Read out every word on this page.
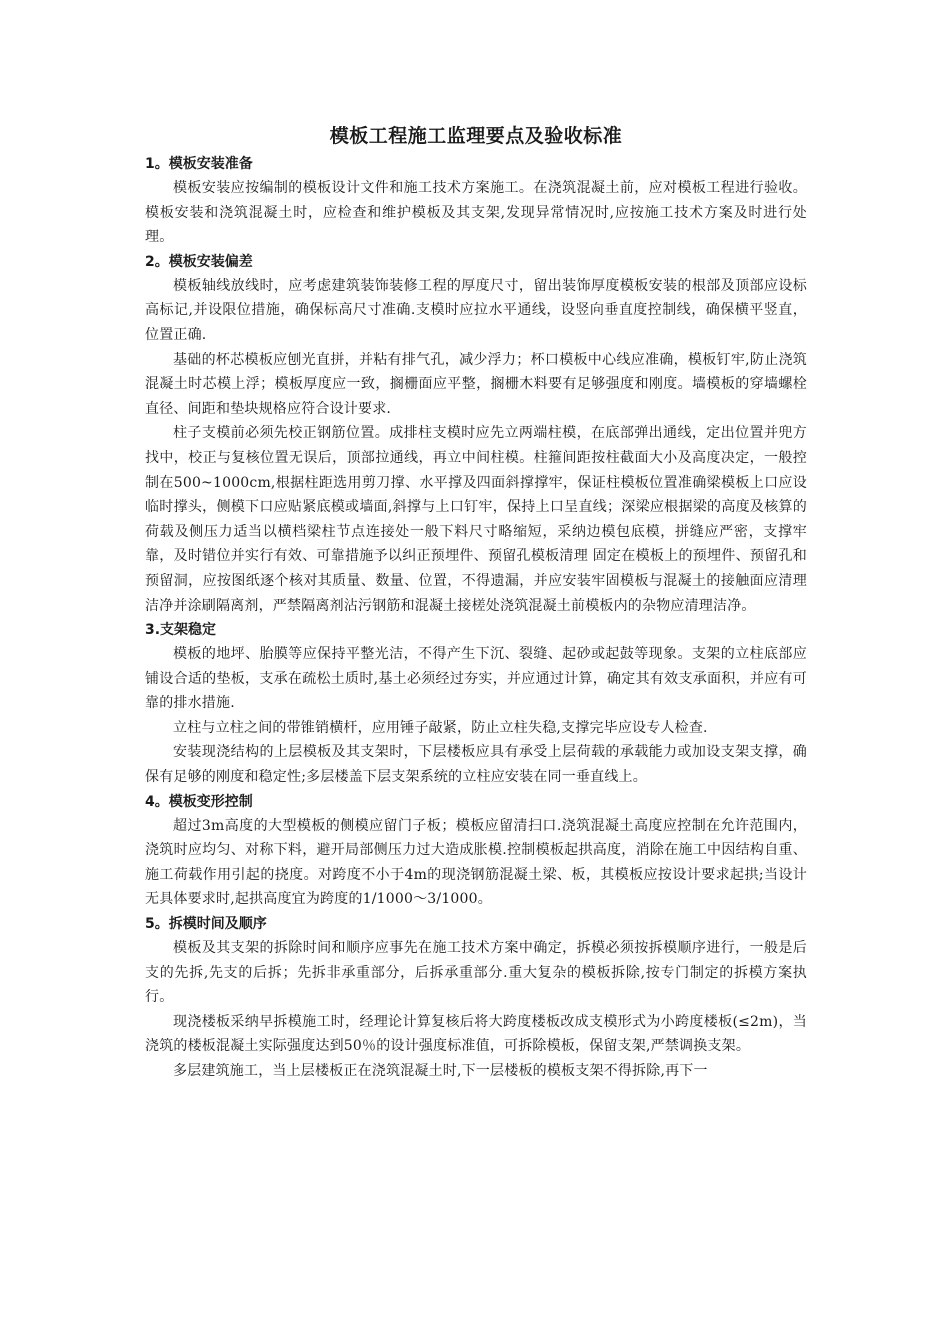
模板工程施工监理要点及验收标准

1。模板安装准备

模板安装应按编制的模板设计文件和施工技术方案施工。在浇筑混凝土前，应对模板工程进行验收。模板安装和浇筑混凝土时，应检查和维护模板及其支架,发现异常情况时,应按施工技术方案及时进行处理。

2。模板安装偏差

模板轴线放线时，应考虑建筑装饰装修工程的厚度尺寸，留出装饰厚度模板安装的根部及顶部应设标高标记,并设限位措施，确保标高尺寸准确.支模时应拉水平通线，设竖向垂直度控制线，确保横平竖直，位置正确.

基础的杯芯模板应刨光直拼，并粘有排气孔，减少浮力；杯口模板中心线应准确，模板钉牢,防止浇筑混凝土时芯模上浮；模板厚度应一致，搁栅面应平整，搁栅木料要有足够强度和刚度。墙模板的穿墙螺栓直径、间距和垫块规格应符合设计要求.

柱子支模前必须先校正钢筋位置。成排柱支模时应先立两端柱模，在底部弹出通线，定出位置并兜方找中，校正与复核位置无误后，顶部拉通线，再立中间柱模。柱箍间距按柱截面大小及高度决定，一般控制在500~1000cm,根据柱距选用剪刀撑、水平撑及四面斜撑撑牢，保证柱模板位置准确梁模板上口应设临时撑头，侧模下口应贴紧底模或墙面,斜撑与上口钉牢，保持上口呈直线；深梁应根据梁的高度及核算的荷载及侧压力适当以横档梁柱节点连接处一般下料尺寸略缩短，采纳边模包底模，拼缝应严密，支撑牢靠，及时错位并实行有效、可靠措施予以纠正预埋件、预留孔模板清理 固定在模板上的预埋件、预留孔和预留洞，应按图纸逐个核对其质量、数量、位置，不得遗漏，并应安装牢固模板与混凝土的接触面应清理洁净并涂刷隔离剂，严禁隔离剂沾污钢筋和混凝土接槎处浇筑混凝土前模板内的杂物应清理洁净。

3.支架稳定

模板的地坪、胎膜等应保持平整光洁，不得产生下沉、裂缝、起砂或起鼓等现象。支架的立柱底部应铺设合适的垫板，支承在疏松土质时,基土必须经过夯实，并应通过计算，确定其有效支承面积，并应有可靠的排水措施.

立柱与立柱之间的带锥销横杆，应用锤子敲紧，防止立柱失稳,支撑完毕应设专人检查.

安装现浇结构的上层模板及其支架时，下层楼板应具有承受上层荷载的承载能力或加设支架支撑，确保有足够的刚度和稳定性;多层楼盖下层支架系统的立柱应安装在同一垂直线上。

4。模板变形控制

超过3m高度的大型模板的侧模应留门子板；模板应留清扫口.浇筑混凝土高度应控制在允许范围内，浇筑时应均匀、对称下料，避开局部侧压力过大造成胀模.控制模板起拱高度，消除在施工中因结构自重、施工荷载作用引起的挠度。对跨度不小于4m的现浇钢筋混凝土梁、板，其模板应按设计要求起拱;当设计无具体要求时,起拱高度宜为跨度的1/1000～3/1000。

5。拆模时间及顺序

模板及其支架的拆除时间和顺序应事先在施工技术方案中确定，拆模必须按拆模顺序进行，一般是后支的先拆,先支的后拆；先拆非承重部分，后拆承重部分.重大复杂的模板拆除,按专门制定的拆模方案执行。

现浇楼板采纳早拆模施工时，经理论计算复核后将大跨度楼板改成支模形式为小跨度楼板(≤2m)，当浇筑的楼板混凝土实际强度达到50％的设计强度标准值，可拆除模板，保留支架,严禁调换支架。

多层建筑施工，当上层楼板正在浇筑混凝土时,下一层楼板的模板支架不得拆除,再下一
